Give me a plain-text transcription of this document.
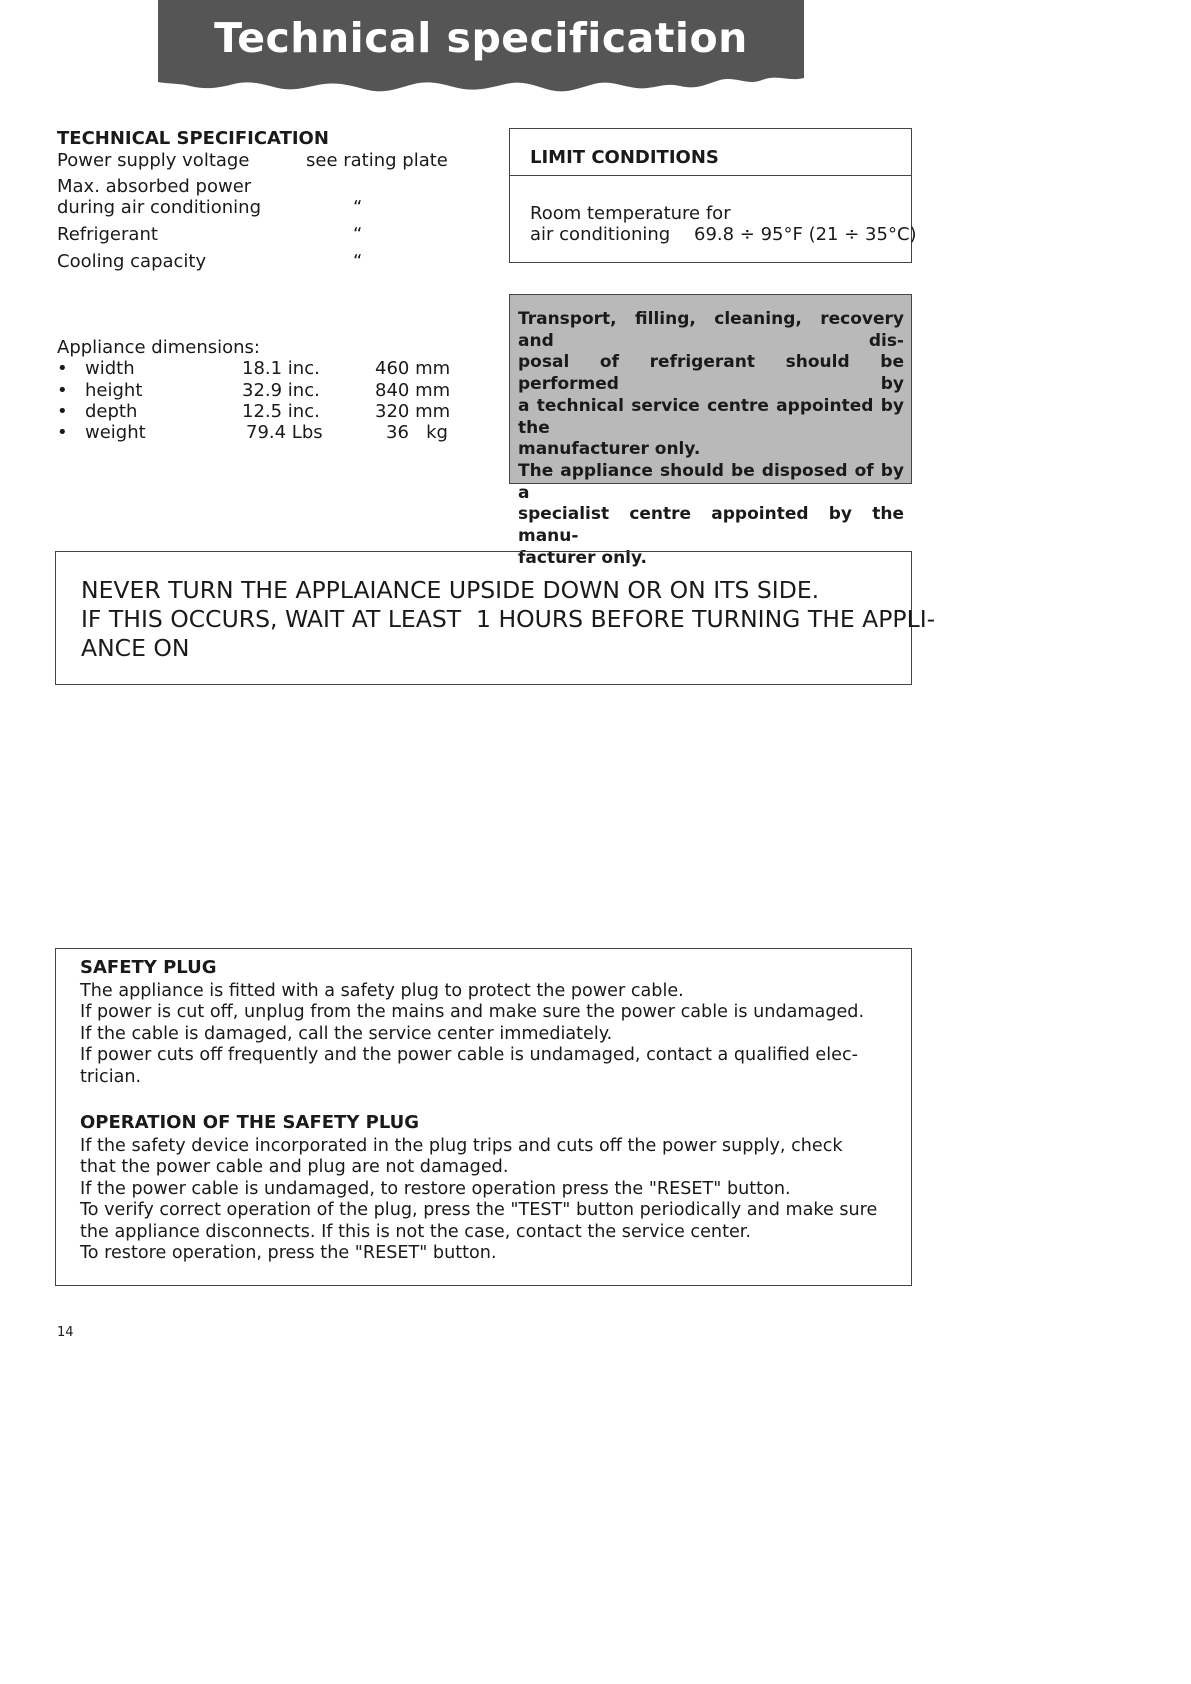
Technical specification
TECHNICAL SPECIFICATION
Power supply voltage	see rating plate
Max. absorbed power
during air conditioning	“
Refrigerant	“
Cooling capacity	“
Appliance dimensions:
• width	18.1 inc.	460 mm
• height	32.9 inc.	840 mm
• depth	12.5 inc.	320 mm
• weight	79.4 Lbs	36   kg
LIMIT CONDITIONS
Room temperature for
air conditioning 69.8 ÷ 95°F (21 ÷ 35°C)
Transport, filling, cleaning, recovery and dis-
posal of refrigerant should be performed by
a technical service centre appointed by the
manufacturer only.
The appliance should be disposed of by a
specialist centre appointed by the manu-
facturer only.
NEVER TURN THE APPLAIANCE UPSIDE DOWN OR ON ITS SIDE.
IF THIS OCCURS, WAIT AT LEAST  1 HOURS BEFORE TURNING THE APPLI-
ANCE ON
SAFETY PLUG
The appliance is fitted with a safety plug to protect the power cable.
If power is cut off, unplug from the mains and make sure the power cable is undamaged.
If the cable is damaged, call the service center immediately.
If power cuts off frequently and the power cable is undamaged, contact a qualified elec-
trician.
OPERATION OF THE SAFETY PLUG
If the safety device incorporated in the plug trips and cuts off the power supply, check
that the power cable and plug are not damaged.
If the power cable is undamaged, to restore operation press the "RESET" button.
To verify correct operation of the plug, press the "TEST" button periodically and make sure
the appliance disconnects. If this is not the case, contact the service center.
To restore operation, press the "RESET" button.
14
